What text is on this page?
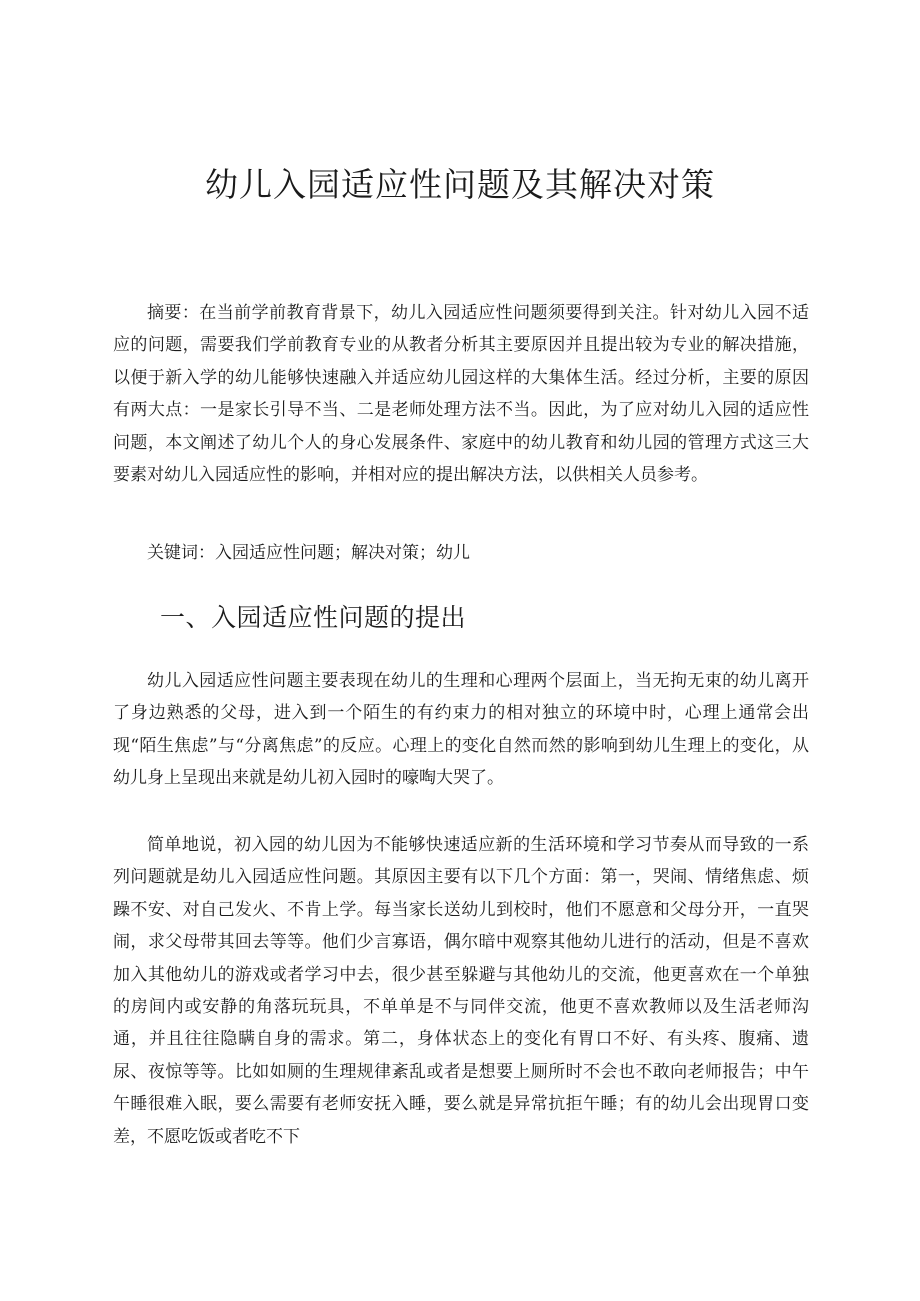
幼儿入园适应性问题及其解决对策

摘要：在当前学前教育背景下，幼儿入园适应性问题须要得到关注。针对幼儿入园不适应的问题，需要我们学前教育专业的从教者分析其主要原因并且提出较为专业的解决措施，以便于新入学的幼儿能够快速融入并适应幼儿园这样的大集体生活。经过分析，主要的原因有两大点：一是家长引导不当、二是老师处理方法不当。因此，为了应对幼儿入园的适应性问题，本文阐述了幼儿个人的身心发展条件、家庭中的幼儿教育和幼儿园的管理方式这三大要素对幼儿入园适应性的影响，并相对应的提出解决方法，以供相关人员参考。

关键词：入园适应性问题；解决对策；幼儿

一、入园适应性问题的提出

幼儿入园适应性问题主要表现在幼儿的生理和心理两个层面上，当无拘无束的幼儿离开了身边熟悉的父母，进入到一个陌生的有约束力的相对独立的环境中时，心理上通常会出现“陌生焦虑”与“分离焦虑”的反应。心理上的变化自然而然的影响到幼儿生理上的变化，从幼儿身上呈现出来就是幼儿初入园时的嚎啕大哭了。

简单地说，初入园的幼儿因为不能够快速适应新的生活环境和学习节奏从而导致的一系列问题就是幼儿入园适应性问题。其原因主要有以下几个方面：第一，哭闹、情绪焦虑、烦躁不安、对自己发火、不肯上学。每当家长送幼儿到校时，他们不愿意和父母分开，一直哭闹，求父母带其回去等等。他们少言寡语，偶尔暗中观察其他幼儿进行的活动，但是不喜欢加入其他幼儿的游戏或者学习中去，很少甚至躲避与其他幼儿的交流，他更喜欢在一个单独的房间内或安静的角落玩玩具，不单单是不与同伴交流，他更不喜欢教师以及生活老师沟通，并且往往隐瞒自身的需求。第二，身体状态上的变化有胃口不好、有头疼、腹痛、遗尿、夜惊等等。比如如厕的生理规律紊乱或者是想要上厕所时不会也不敢向老师报告；中午午睡很难入眠，要么需要有老师安抚入睡，要么就是异常抗拒午睡；有的幼儿会出现胃口变差，不愿吃饭或者吃不下
